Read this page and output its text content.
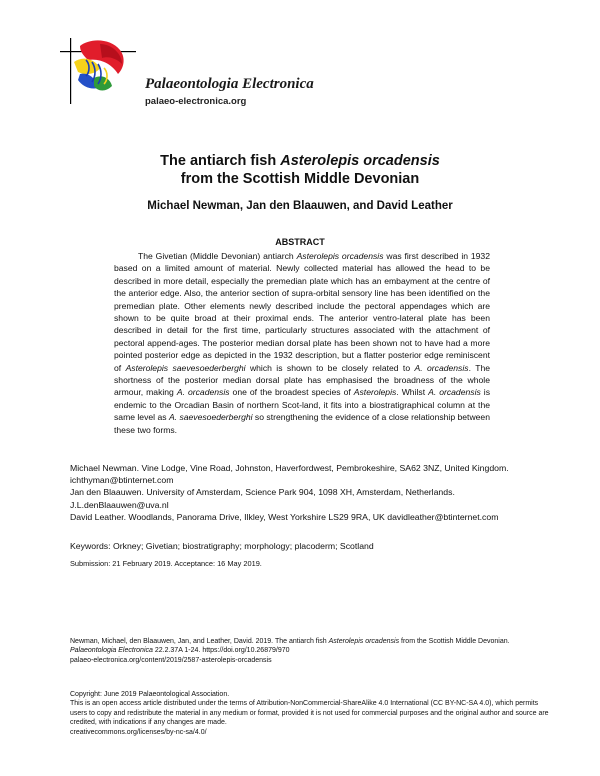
Palaeontologia Electronica
palaeo-electronica.org
The antiarch fish Asterolepis orcadensis
from the Scottish Middle Devonian
Michael Newman, Jan den Blaauwen, and David Leather
ABSTRACT

The Givetian (Middle Devonian) antiarch Asterolepis orcadensis was first described in 1932 based on a limited amount of material. Newly collected material has allowed the head to be described in more detail, especially the premedian plate which has an embayment at the centre of the anterior edge. Also, the anterior section of supra-orbital sensory line has been identified on the premedian plate. Other elements newly described include the pectoral appendages which are shown to be quite broad at their proximal ends. The anterior ventro-lateral plate has been described in detail for the first time, particularly structures associated with the attachment of pectoral append-ages. The posterior median dorsal plate has been shown not to have had a more pointed posterior edge as depicted in the 1932 description, but a flatter posterior edge reminiscent of Asterolepis saevesoederberghi which is shown to be closely related to A. orcadensis. The shortness of the posterior median dorsal plate has emphasised the broadness of the whole armour, making A. orcadensis one of the broadest species of Asterolepis. Whilst A. orcadensis is endemic to the Orcadian Basin of northern Scot-land, it fits into a biostratigraphical column at the same level as A. saevesoederberghi so strengthening the evidence of a close relationship between these two forms.

Michael Newman. Vine Lodge, Vine Road, Johnston, Haverfordwest, Pembrokeshire, SA62 3NZ, United Kingdom. ichthyman@btinternet.com

Jan den Blaauwen. University of Amsterdam, Science Park 904, 1098 XH, Amsterdam, Netherlands. J.L.denBlaauwen@uva.nl

David Leather. Woodlands, Panorama Drive, Ilkley, West Yorkshire LS29 9RA, UK davidleather@btinternet.com

Keywords: Orkney; Givetian; biostratigraphy; morphology; placoderm; Scotland
Submission: 21 February 2019. Acceptance: 16 May 2019.

Newman, Michael, den Blaauwen, Jan, and Leather, David. 2019. The antiarch fish Asterolepis orcadensis from the Scottish Middle Devonian. Palaeontologia Electronica 22.2.37A 1-24. https://doi.org/10.26879/970

palaeo-electronica.org/content/2019/2587-asterolepis-orcadensis

Copyright: June 2019 Palaeontological Association.

This is an open access article distributed under the terms of Attribution-NonCommercial-ShareAlike 4.0 International (CC BY-NC-SA 4.0), which permits users to copy and redistribute the material in any medium or format, provided it is not used for commercial purposes and the original author and source are credited, with indications if any changes are made.

creativecommons.org/licenses/by-nc-sa/4.0/
